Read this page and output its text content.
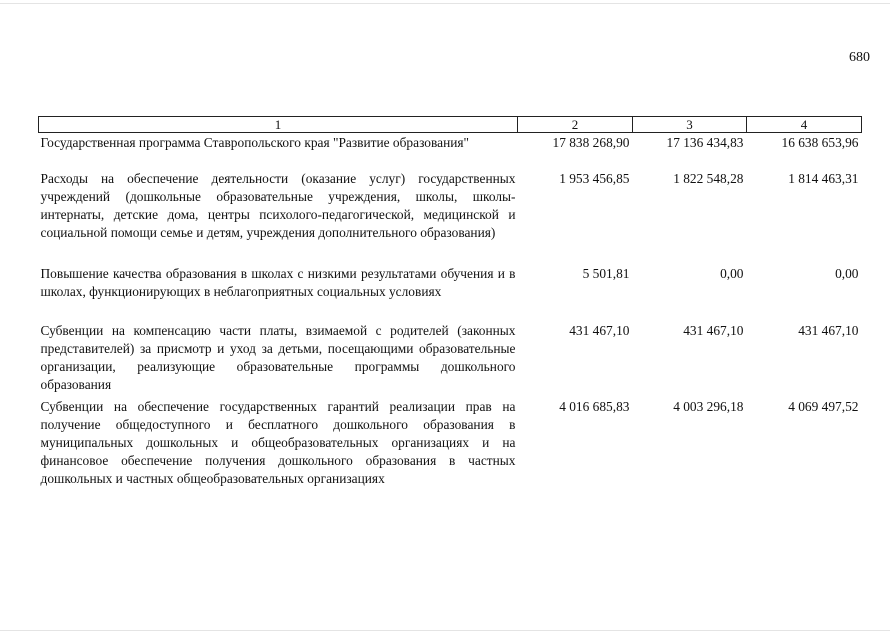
680
1	2	3	4
Государственная программа Ставропольского края "Развитие образования"	17 838 268,90	17 136 434,83	16 638 653,96
Расходы на обеспечение деятельности (оказание услуг) государственных учреждений (дошкольные образовательные учреждения, школы, школы-интернаты, детские дома, центры психолого-педагогической, медицинской и социальной помощи семье и детям, учреждения дополнительного образования)	1 953 456,85	1 822 548,28	1 814 463,31
Повышение качества образования в школах с низкими результатами обучения и в школах, функционирующих в неблагоприятных социальных условиях	5 501,81	0,00	0,00
Субвенции на компенсацию части платы, взимаемой с родителей (законных представителей) за присмотр и уход за детьми, посещающими образовательные организации, реализующие образовательные программы дошкольного образования	431 467,10	431 467,10	431 467,10
Субвенции на обеспечение государственных гарантий реализации прав на получение общедоступного и бесплатного дошкольного образования в муниципальных дошкольных и общеобразовательных организациях и на финансовое обеспечение получения дошкольного образования в частных дошкольных и частных общеобразовательных организациях	4 016 685,83	4 003 296,18	4 069 497,52
